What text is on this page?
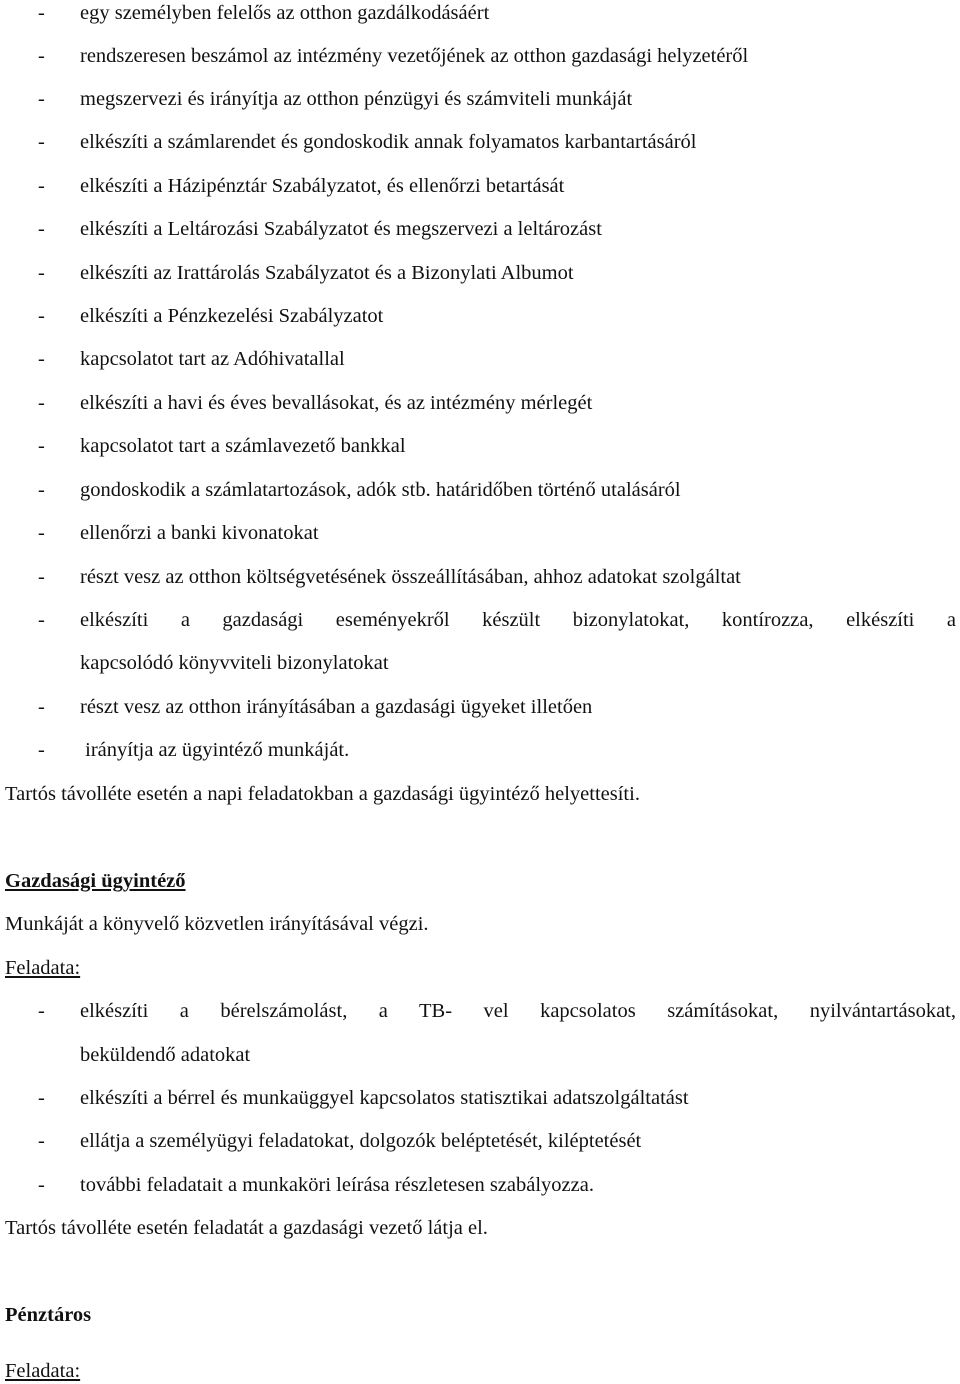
- egy személyben felelős az otthon gazdálkodásáért
- rendszeresen beszámol az intézmény vezetőjének az otthon gazdasági helyzetéről
- megszervezi és irányítja az otthon pénzügyi és számviteli munkáját
- elkészíti a számlarendet és gondoskodik annak folyamatos karbantartásáról
- elkészíti a Házipénztár Szabályzatot, és ellenőrzi betartását
- elkészíti a Leltározási Szabályzatot és megszervezi a leltározást
- elkészíti az Irattárolás Szabályzatot és a Bizonylati Albumot
- elkészíti a Pénzkezelési Szabályzatot
- kapcsolatot tart az Adóhivatallal
- elkészíti a havi és éves bevallásokat, és az intézmény mérlegét
- kapcsolatot tart a számlavezető bankkal
- gondoskodik a számlatartozások, adók stb. határidőben történő utalásáról
- ellenőrzi a banki kivonatokat
- részt vesz az otthon költségvetésének összeállításában, ahhoz adatokat szolgáltat
- elkészíti a gazdasági eseményekről készült bizonylatokat, kontírozza, elkészíti a
kapcsolódó könyvviteli bizonylatokat
- részt vesz az otthon irányításában a gazdasági ügyeket illetően
- irányítja az ügyintéző munkáját.
Tartós távolléte esetén a napi feladatokban a gazdasági ügyintéző helyettesíti.
Gazdasági ügyintéző
Munkáját a könyvelő közvetlen irányításával végzi.
Feladata:
- elkészíti a bérelszámolást, a TB- vel kapcsolatos számításokat, nyilvántartásokat,
beküldendő adatokat
- elkészíti a bérrel és munkaüggyel kapcsolatos statisztikai adatszolgáltatást
- ellátja a személyügyi feladatokat, dolgozók beléptetését, kiléptetését
- további feladatait a munkaköri leírása részletesen szabályozza.
Tartós távolléte esetén feladatát a gazdasági vezető látja el.
Pénztáros
Feladata:
